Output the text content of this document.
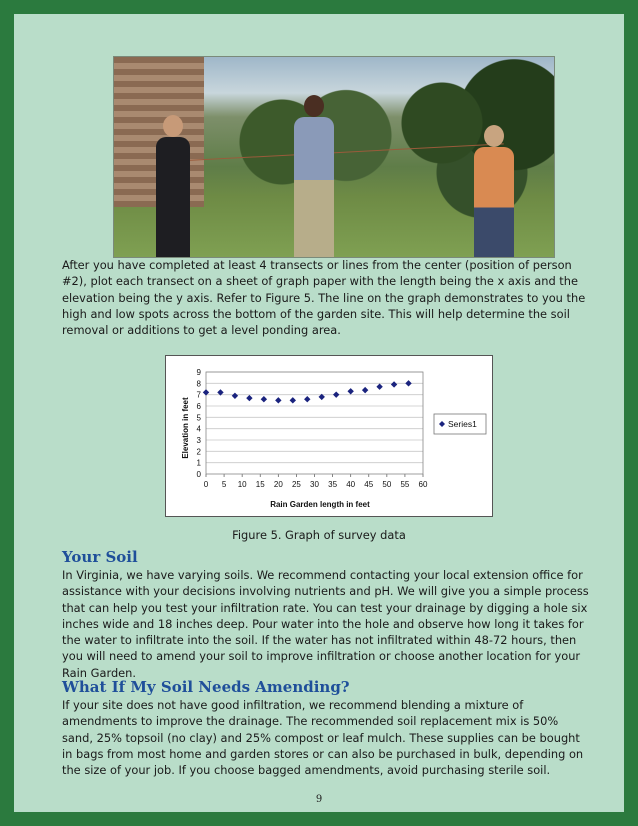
After you have completed at least 4 transects or lines from the center (position of person #2), plot each transect on a sheet of graph paper with the length being the x axis and the elevation being the y axis. Refer to Figure 5. The line on the graph demonstrates to you the high and low spots across the bottom of the garden site. This will help determine the soil removal or additions to get a level ponding area.

Elevation in feet
Rain Garden length in feet
0
1
2
3
4
5
6
7
8
9
0 5 10 15 20 25 30 35 40 45 50 55 60
Series1
Figure 5. Graph of survey data
Your Soil

In Virginia, we have varying soils. We recommend contacting your local extension office for assistance with your decisions involving nutrients and pH. We will give you a simple process that can help you test your infiltration rate. You can test your drainage by digging a hole six inches wide and 18 inches deep. Pour water into the hole and observe how long it takes for the water to infiltrate into the soil. If the water has not infiltrated within 48-72 hours, then you will need to amend your soil to improve infiltration or choose another location for your Rain Garden.

What If My Soil Needs Amending?

If your site does not have good infiltration, we recommend blending a mixture of amendments to improve the drainage. The recommended soil replacement mix is 50% sand, 25% topsoil (no clay) and 25% compost or leaf mulch. These supplies can be bought in bags from most home and garden stores or can also be purchased in bulk, depending on the size of your job. If you choose bagged amendments, avoid purchasing sterile soil.

9
